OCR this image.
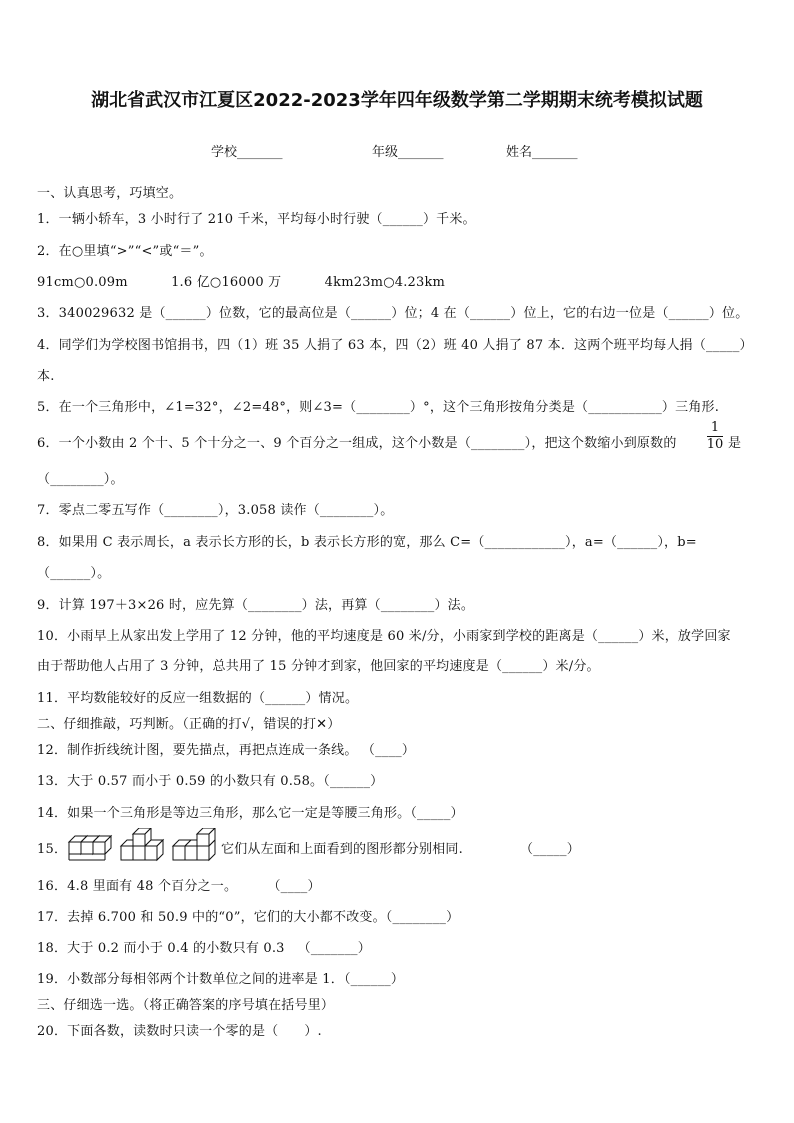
湖北省武汉市江夏区2022-2023学年四年级数学第二学期期末统考模拟试题
学校_______	年级_______	姓名_______
一、认真思考，巧填空。
1．一辆小轿车，3 小时行了 210 千米，平均每小时行驶（______）千米。
2．在○里填“>”“<”或“＝”。
91cm○0.09m          1.6 亿○16000 万          4km23m○4.23km
3．340029632 是（______）位数，它的最高位是（______）位；4 在（______）位上，它的右边一位是（______）位。
4．同学们为学校图书馆捐书，四（1）班 35 人捐了 63 本，四（2）班 40 人捐了 87 本．这两个班平均每人捐（_____）
本.
5．在一个三角形中，∠1=32°，∠2=48°，则∠3=（________）°，这个三角形按角分类是（___________）三角形.
6．一个小数由 2 个十、5 个十分之一、9 个百分之一组成，这个小数是（________），把这个数缩小到原数的
1
10 是
（________）。
7．零点二零五写作（________），3.058 读作（________）。
8．如果用 C 表示周长，a 表示长方形的长，b 表示长方形的宽，那么 C=（____________），a=（______），b=
（______）。
9．计算 197＋3×26 时，应先算（________）法，再算（________）法。
10．小雨早上从家出发上学用了 12 分钟，他的平均速度是 60 米/分，小雨家到学校的距离是（______）米，放学回家
由于帮助他人占用了 3 分钟，总共用了 15 分钟才到家，他回家的平均速度是（______）米/分。
11．平均数能较好的反应一组数据的（______）情况。
二、仔细推敲，巧判断。（正确的打√，错误的打✕）
12．制作折线统计图，要先描点，再把点连成一条线。 （____）
13．大于 0.57 而小于 0.59 的小数只有 0.58。（______）
14．如果一个三角形是等边三角形，那么它一定是等腰三角形。（_____）
15．	它们从左面和上面看到的图形都分别相同.	（_____）
16．4.8 里面有 48 个百分之一。       （____）
17．去掉 6.700 和 50.9 中的“0”，它们的大小都不改变。（________）
18．大于 0.2 而小于 0.4 的小数只有 0.3   （_______）
19．小数部分每相邻两个计数单位之间的进率是 1．（______）
三、仔细选一选。（将正确答案的序号填在括号里）
20．下面各数，读数时只读一个零的是（      ）.
